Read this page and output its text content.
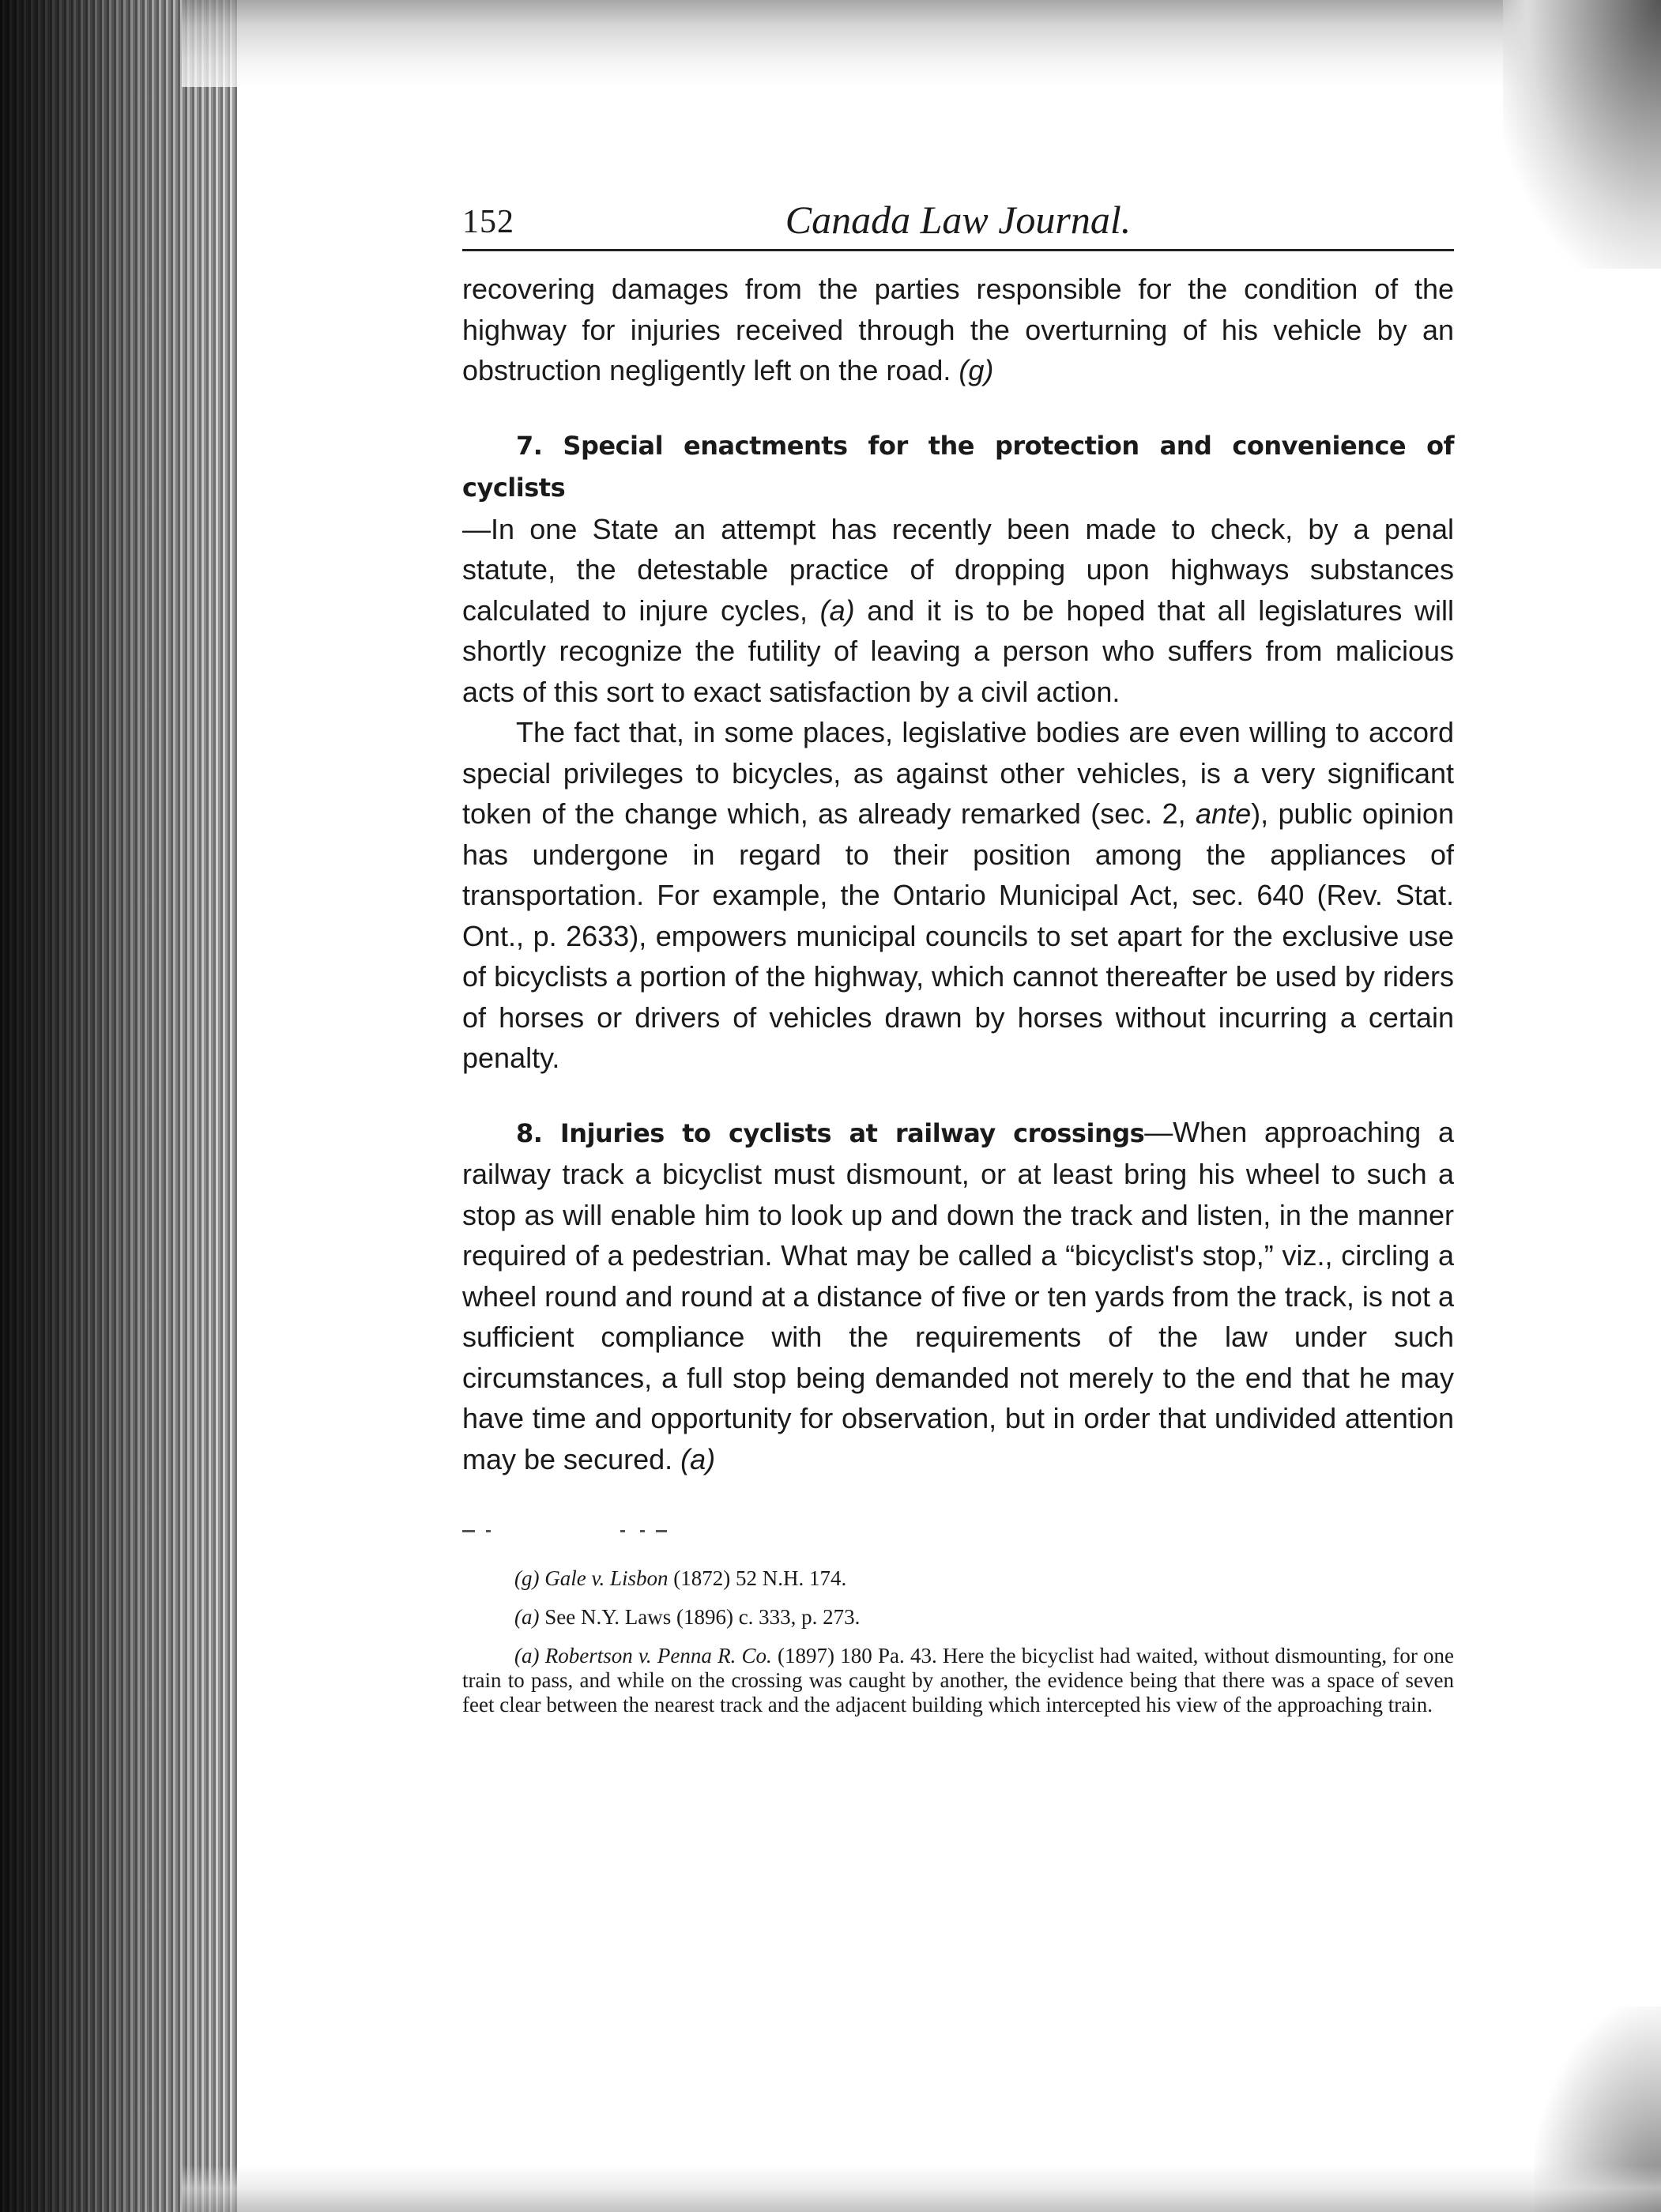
152	Canada Law Journal.

recovering damages from the parties responsible for the condition of the highway for injuries received through the overturning of his vehicle by an obstruction negligently left on the road. (g)

7. Special enactments for the protection and convenience of cyclists
—In one State an attempt has recently been made to check, by a penal statute, the detestable practice of dropping upon highways substances calculated to injure cycles, (a) and it is to be hoped that all legislatures will shortly recognize the futility of leaving a person who suffers from malicious acts of this sort to exact satisfaction by a civil action.

The fact that, in some places, legislative bodies are even willing to accord special privileges to bicycles, as against other vehicles, is a very significant token of the change which, as already remarked (sec. 2, ante), public opinion has undergone in regard to their position among the appliances of transportation. For example, the Ontario Municipal Act, sec. 640 (Rev. Stat. Ont., p. 2633), empowers municipal councils to set apart for the exclusive use of bicyclists a portion of the highway, which cannot thereafter be used by riders of horses or drivers of vehicles drawn by horses without incurring a certain penalty.

8. Injuries to cyclists at railway crossings—When approaching a railway track a bicyclist must dismount, or at least bring his wheel to such a stop as will enable him to look up and down the track and listen, in the manner required of a pedestrian. What may be called a “bicyclist's stop,” viz., circling a wheel round and round at a distance of five or ten yards from the track, is not a sufficient compliance with the requirements of the law under such circumstances, a full stop being demanded not merely to the end that he may have time and opportunity for observation, but in order that undivided attention may be secured. (a)

(g) Gale v. Lisbon (1872) 52 N.H. 174.

(a) See N.Y. Laws (1896) c. 333, p. 273.

(a) Robertson v. Penna R. Co. (1897) 180 Pa. 43. Here the bicyclist had waited, without dismounting, for one train to pass, and while on the crossing was caught by another, the evidence being that there was a space of seven feet clear between the nearest track and the adjacent building which intercepted his view of the approaching train.
